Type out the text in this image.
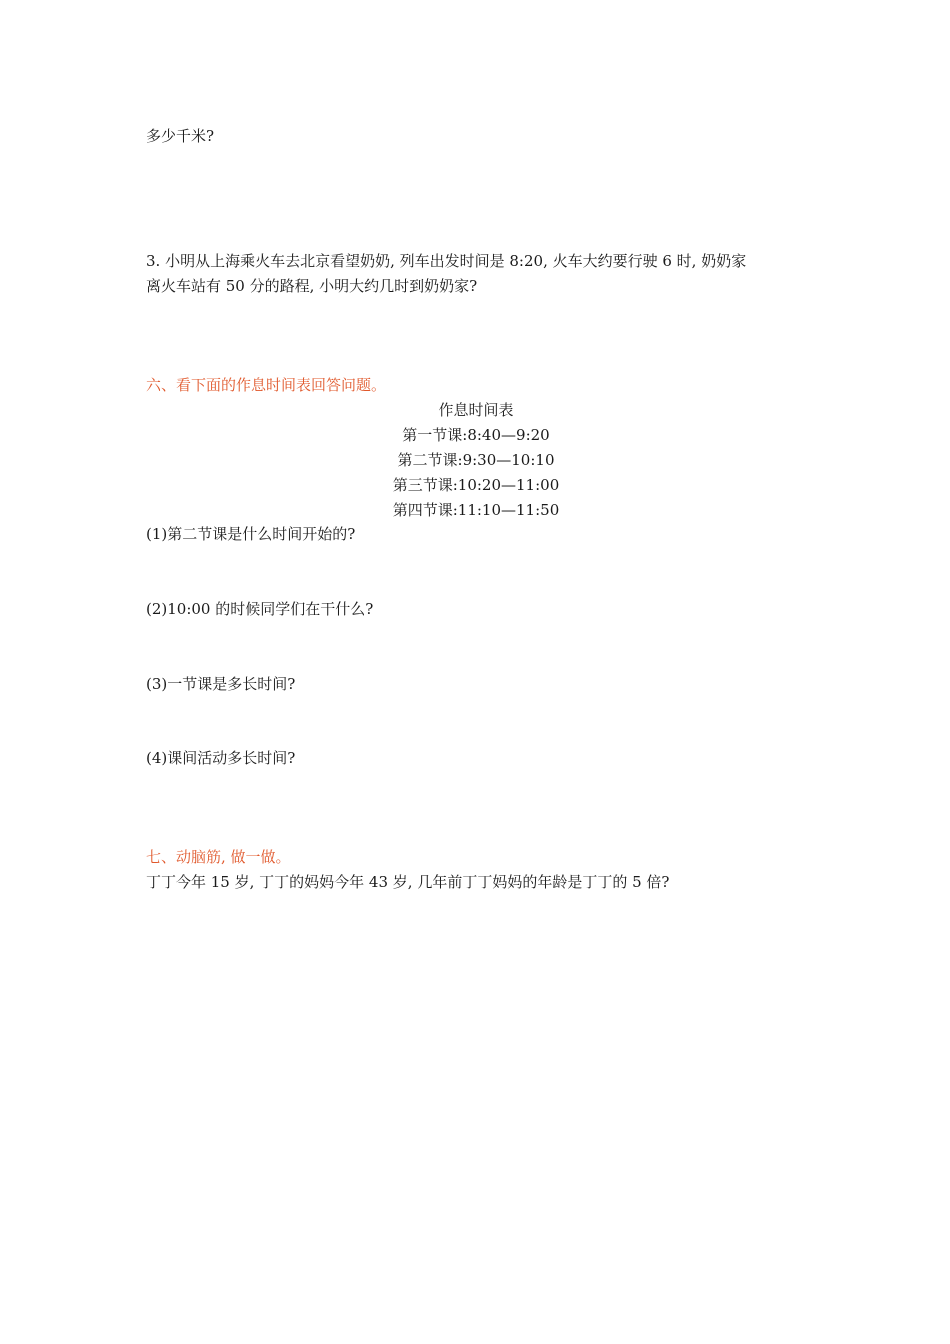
多少千米?
3. 小明从上海乘火车去北京看望奶奶, 列车出发时间是 8:20, 火车大约要行驶 6 时, 奶奶家
离火车站有 50 分的路程, 小明大约几时到奶奶家?
六、看下面的作息时间表回答问题。
作息时间表
第一节课:8:40—9:20
第二节课:9:30—10:10
第三节课:10:20—11:00
第四节课:11:10—11:50
(1)第二节课是什么时间开始的?
(2)10:00 的时候同学们在干什么?
(3)一节课是多长时间?
(4)课间活动多长时间?
七、动脑筋, 做一做。
丁丁今年 15 岁, 丁丁的妈妈今年 43 岁, 几年前丁丁妈妈的年龄是丁丁的 5 倍?
